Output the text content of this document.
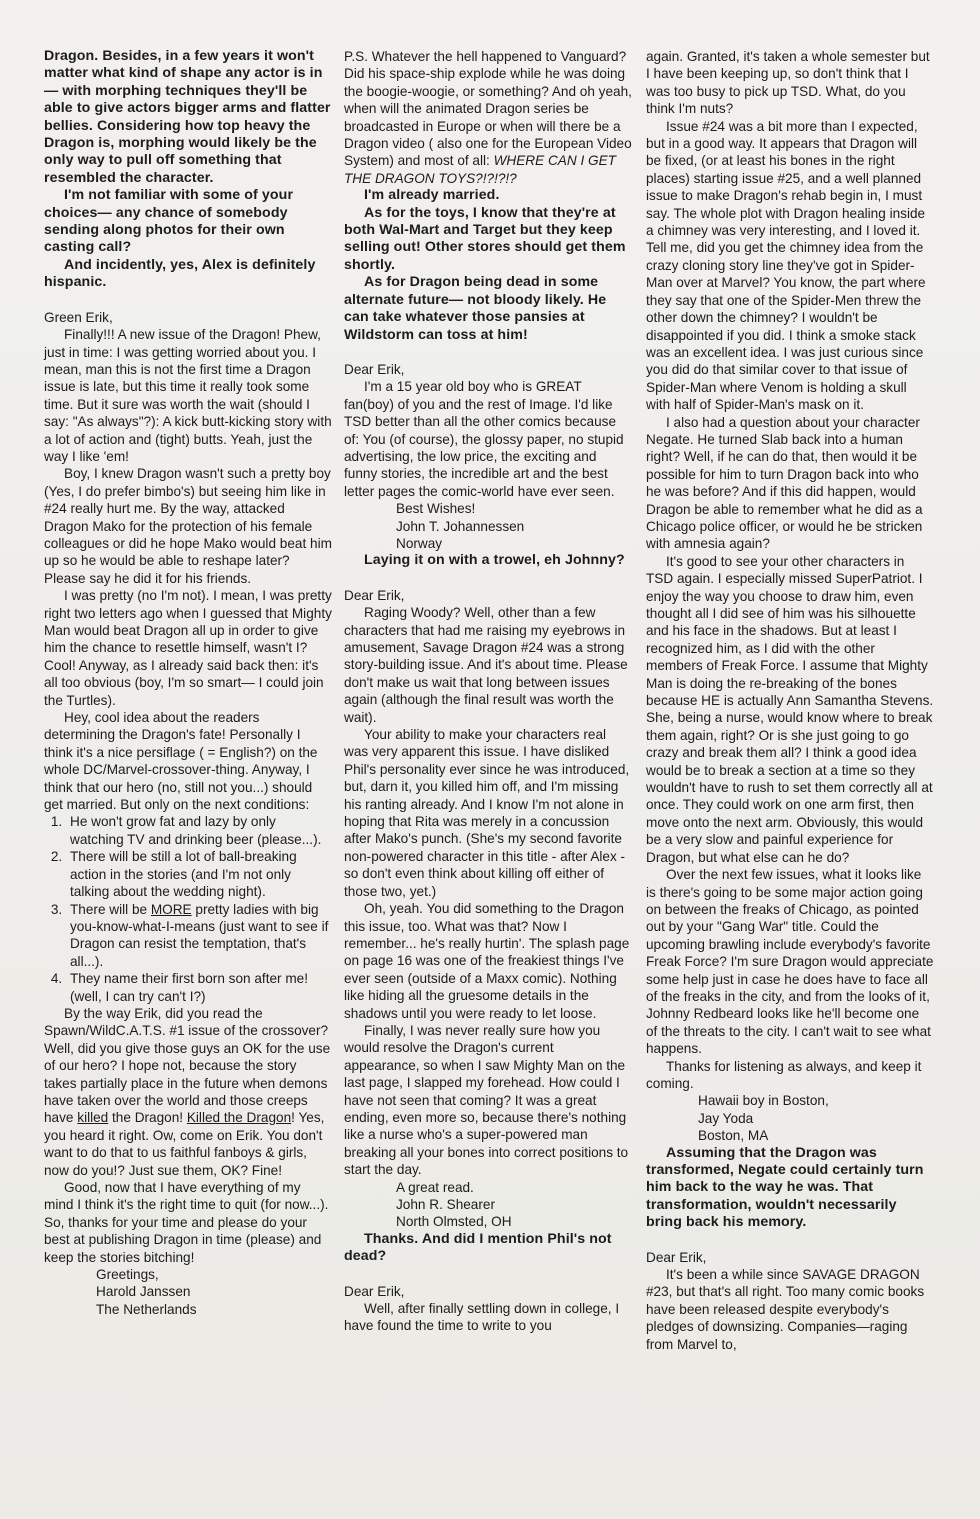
Dragon. Besides, in a few years it won't matter what kind of shape any actor is in— with morphing techniques they'll be able to give actors bigger arms and flatter bellies. Considering how top heavy the Dragon is, morphing would likely be the only way to pull off something that resembled the character.

I'm not familiar with some of your choices— any chance of somebody sending along photos for their own casting call?

And incidently, yes, Alex is definitely hispanic.

Green Erik,

Finally!!! A new issue of the Dragon! Phew, just in time: I was getting worried about you. I mean, man this is not the first time a Dragon issue is late, but this time it really took some time. But it sure was worth the wait (should I say: "As always"?): A kick butt-kicking story with a lot of action and (tight) butts. Yeah, just the way I like 'em!

Boy, I knew Dragon wasn't such a pretty boy (Yes, I do prefer bimbo's) but seeing him like in #24 really hurt me. By the way, attacked Dragon Mako for the protection of his female colleagues or did he hope Mako would beat him up so he would be able to reshape later? Please say he did it for his friends.

I was pretty (no I'm not). I mean, I was pretty right two letters ago when I guessed that Mighty Man would beat Dragon all up in order to give him the chance to resettle himself, wasn't I? Cool! Anyway, as I already said back then: it's all too obvious (boy, I'm so smart— I could join the Turtles).

Hey, cool idea about the readers determining the Dragon's fate! Personally I think it's a nice persiflage ( = English?) on the whole DC/Marvel-crossover-thing. Anyway, I think that our hero (no, still not you...) should get married. But only on the next conditions:

1. He won't grow fat and lazy by only watching TV and drinking beer (please...).
2. There will be still a lot of ball-breaking action in the stories (and I'm not only talking about the wedding night).
3. There will be MORE pretty ladies with big you-know-what-I-means (just want to see if Dragon can resist the temptation, that's all...).
4. They name their first born son after me! (well, I can try can't I?)

By the way Erik, did you read the Spawn/WildC.A.T.S. #1 issue of the crossover? Well, did you give those guys an OK for the use of our hero? I hope not, because the story takes partially place in the future when demons have taken over the world and those creeps have killed the Dragon! Killed the Dragon! Yes, you heard it right. Ow, come on Erik. You don't want to do that to us faithful fanboys & girls, now do you!? Just sue them, OK? Fine!

Good, now that I have everything of my mind I think it's the right time to quit (for now...). So, thanks for your time and please do your best at publishing Dragon in time (please) and keep the stories bitching!

Greetings,
Harold Janssen
The Netherlands

P.S. Whatever the hell happened to Vanguard? Did his space-ship explode while he was doing the boogie-woogie, or something? And oh yeah, when will the animated Dragon series be broadcasted in Europe or when will there be a Dragon video ( also one for the European Video System) and most of all: WHERE CAN I GET THE DRAGON TOYS?!?!?!?

I'm already married.

As for the toys, I know that they're at both Wal-Mart and Target but they keep selling out! Other stores should get them shortly.

As for Dragon being dead in some alternate future— not bloody likely. He can take whatever those pansies at Wildstorm can toss at him!

Dear Erik,

I'm a 15 year old boy who is GREAT fan(boy) of you and the rest of Image. I'd like TSD better than all the other comics because of: You (of course), the glossy paper, no stupid advertising, the low price, the exciting and funny stories, the incredible art and the best letter pages the comic-world have ever seen.

Best Wishes!
John T. Johannessen
Norway

Laying it on with a trowel, eh Johnny?

Dear Erik,

Raging Woody? Well, other than a few characters that had me raising my eyebrows in amusement, Savage Dragon #24 was a strong story-building issue. And it's about time. Please don't make us wait that long between issues again (although the final result was worth the wait).

Your ability to make your characters real was very apparent this issue. I have disliked Phil's personality ever since he was introduced, but, darn it, you killed him off, and I'm missing his ranting already. And I know I'm not alone in hoping that Rita was merely in a concussion after Mako's punch. (She's my second favorite non-powered character in this title - after Alex - so don't even think about killing off either of those two, yet.)

Oh, yeah. You did something to the Dragon this issue, too. What was that? Now I remember... he's really hurtin'. The splash page on page 16 was one of the freakiest things I've ever seen (outside of a Maxx comic). Nothing like hiding all the gruesome details in the shadows until you were ready to let loose.

Finally, I was never really sure how you would resolve the Dragon's current appearance, so when I saw Mighty Man on the last page, I slapped my forehead. How could I have not seen that coming? It was a great ending, even more so, because there's nothing like a nurse who's a super-powered man breaking all your bones into correct positions to start the day.

A great read.
John R. Shearer
North Olmsted, OH

Thanks. And did I mention Phil's not dead?

Dear Erik,

Well, after finally settling down in college, I have found the time to write to you

again. Granted, it's taken a whole semester but I have been keeping up, so don't think that I was too busy to pick up TSD. What, do you think I'm nuts?

Issue #24 was a bit more than I expected, but in a good way. It appears that Dragon will be fixed, (or at least his bones in the right places) starting issue #25, and a well planned issue to make Dragon's rehab begin in, I must say. The whole plot with Dragon healing inside a chimney was very interesting, and I loved it. Tell me, did you get the chimney idea from the crazy cloning story line they've got in Spider-Man over at Marvel? You know, the part where they say that one of the Spider-Men threw the other down the chimney? I wouldn't be disappointed if you did. I think a smoke stack was an excellent idea. I was just curious since you did do that similar cover to that issue of Spider-Man where Venom is holding a skull with half of Spider-Man's mask on it.

I also had a question about your character Negate. He turned Slab back into a human right? Well, if he can do that, then would it be possible for him to turn Dragon back into who he was before? And if this did happen, would Dragon be able to remember what he did as a Chicago police officer, or would he be stricken with amnesia again?

It's good to see your other characters in TSD again. I especially missed SuperPatriot. I enjoy the way you choose to draw him, even thought all I did see of him was his silhouette and his face in the shadows. But at least I recognized him, as I did with the other members of Freak Force. I assume that Mighty Man is doing the re-breaking of the bones because HE is actually Ann Samantha Stevens. She, being a nurse, would know where to break them again, right? Or is she just going to go crazy and break them all? I think a good idea would be to break a section at a time so they wouldn't have to rush to set them correctly all at once. They could work on one arm first, then move onto the next arm. Obviously, this would be a very slow and painful experience for Dragon, but what else can he do?

Over the next few issues, what it looks like is there's going to be some major action going on between the freaks of Chicago, as pointed out by your "Gang War" title. Could the upcoming brawling include everybody's favorite Freak Force? I'm sure Dragon would appreciate some help just in case he does have to face all of the freaks in the city, and from the looks of it, Johnny Redbeard looks like he'll become one of the threats to the city. I can't wait to see what happens.

Thanks for listening as always, and keep it coming.

Hawaii boy in Boston,
Jay Yoda
Boston, MA

Assuming that the Dragon was transformed, Negate could certainly turn him back to the way he was. That transformation, wouldn't necessarily bring back his memory.

Dear Erik,

It's been a while since SAVAGE DRAGON #23, but that's all right. Too many comic books have been released despite everybody's pledges of downsizing. Companies—raging from Marvel to,
